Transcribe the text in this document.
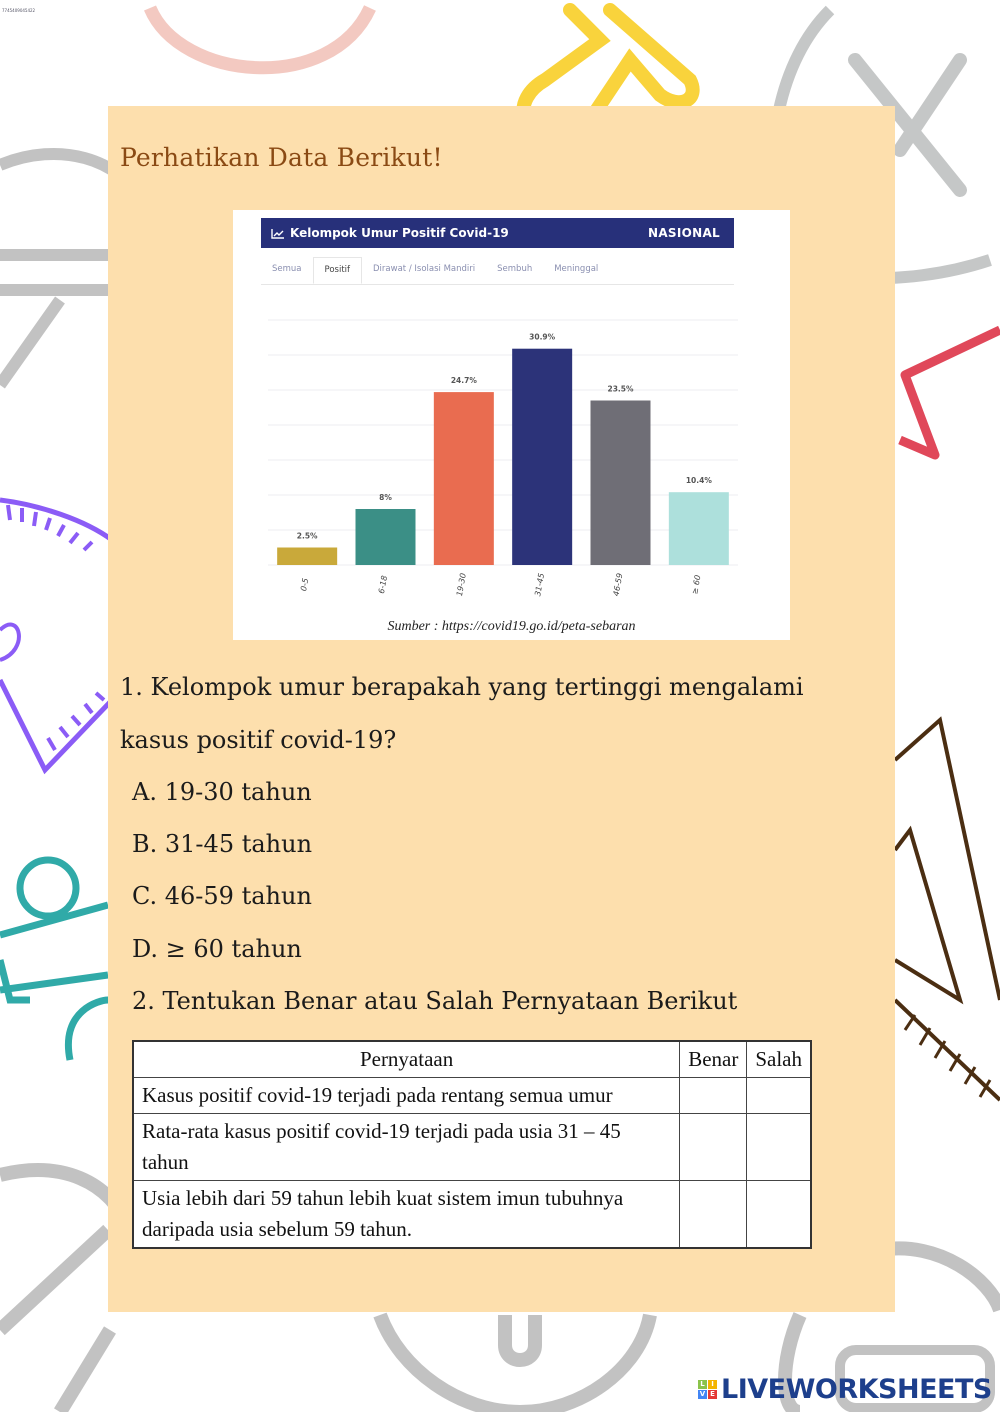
7745409045422
Perhatikan Data Berikut!
Kelompok Umur Positif Covid-19	NASIONAL
Semua	Positif	Dirawat / Isolasi Mandiri	Sembuh	Meninggal
2.5%
0-5
8%
6-18
24.7%
19-30
30.9%
31-45
23.5%
46-59
10.4%
≥ 60
Sumber : https://covid19.go.id/peta-sebaran
1. Kelompok umur berapakah yang tertinggi mengalami
kasus positif covid-19?
A. 19-30 tahun
B. 31-45 tahun
C. 46-59 tahun
D. ≥ 60 tahun
2. Tentukan Benar atau Salah Pernyataan Berikut
Pernyataan	Benar	Salah
Kasus positif covid-19 terjadi pada rentang semua umur		
Rata-rata kasus positif covid-19 terjadi pada usia 31 – 45 tahun		
Usia lebih dari 59 tahun lebih kuat sistem imun tubuhnya daripada usia sebelum 59 tahun.		
L I
V E LIVEWORKSHEETS
